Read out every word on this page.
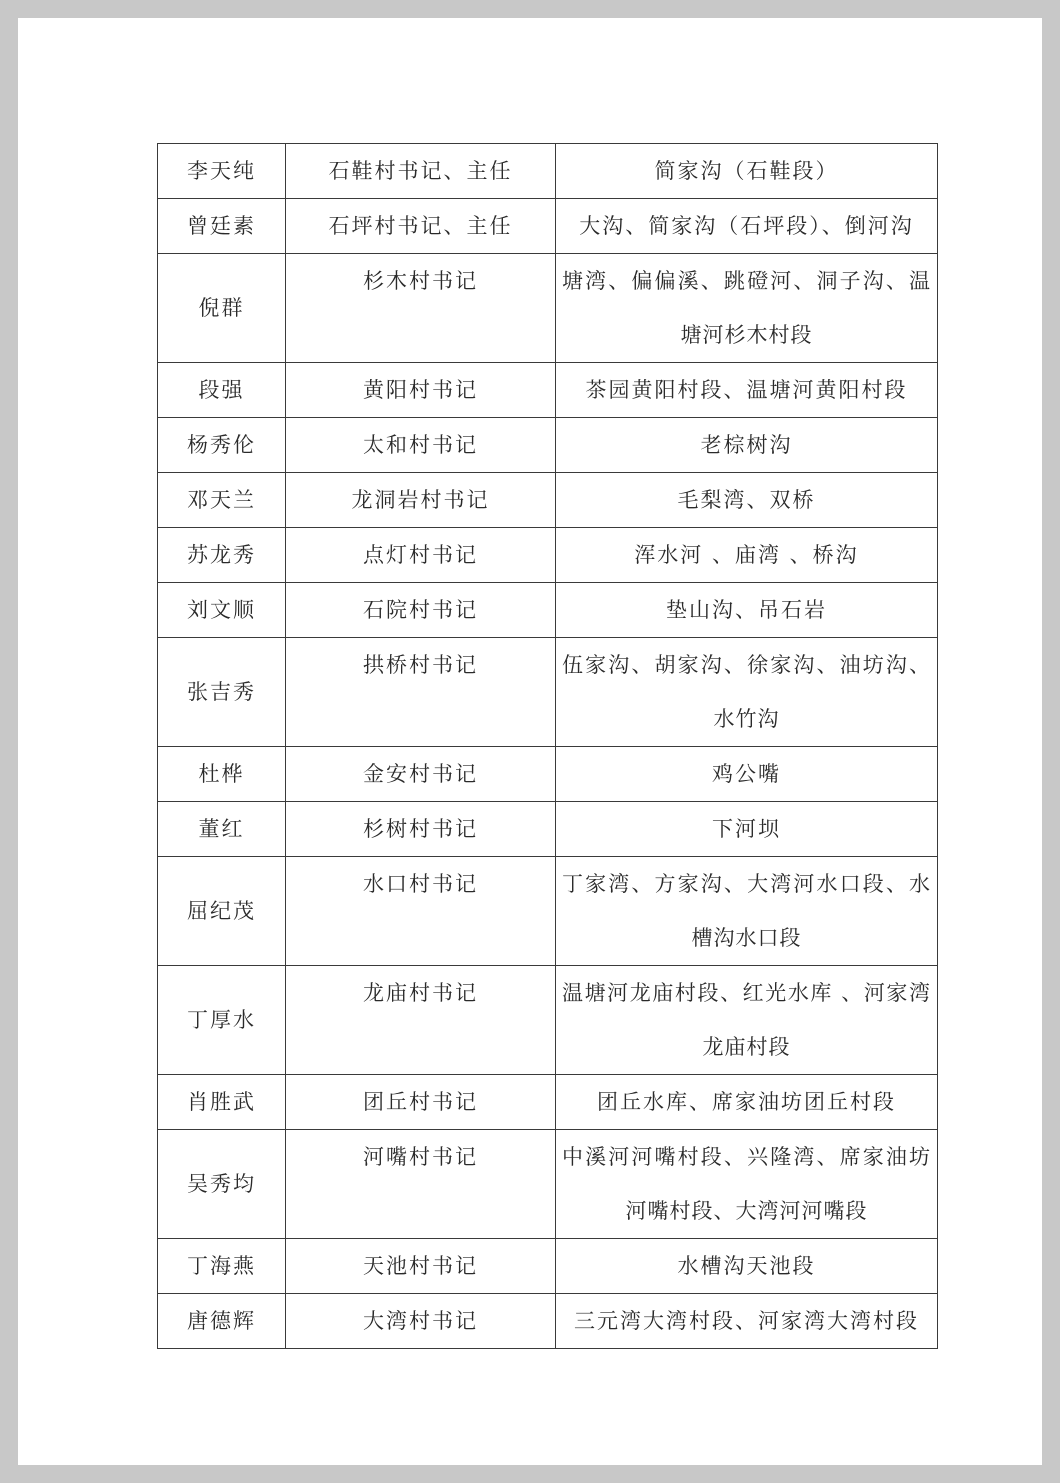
李天纯	石鞋村书记、主任	简家沟（石鞋段）
曾廷素	石坪村书记、主任	大沟、简家沟（石坪段）、倒河沟
倪群	杉木村书记	塘湾、偏偏溪、跳磴河、洞子沟、温塘河杉木村段
段强	黄阳村书记	茶园黄阳村段、温塘河黄阳村段
杨秀伦	太和村书记	老棕树沟
邓天兰	龙洞岩村书记	毛梨湾、双桥
苏龙秀	点灯村书记	浑水河 、庙湾 、桥沟
刘文顺	石院村书记	垫山沟、吊石岩
张吉秀	拱桥村书记	伍家沟、胡家沟、徐家沟、油坊沟、水竹沟
杜桦	金安村书记	鸡公嘴
董红	杉树村书记	下河坝
屈纪茂	水口村书记	丁家湾、方家沟、大湾河水口段、水槽沟水口段
丁厚水	龙庙村书记	温塘河龙庙村段、红光水库 、河家湾龙庙村段
肖胜武	团丘村书记	团丘水库、席家油坊团丘村段
吴秀均	河嘴村书记	中溪河河嘴村段、兴隆湾、席家油坊河嘴村段、大湾河河嘴段
丁海燕	天池村书记	水槽沟天池段
唐德辉	大湾村书记	三元湾大湾村段、河家湾大湾村段
